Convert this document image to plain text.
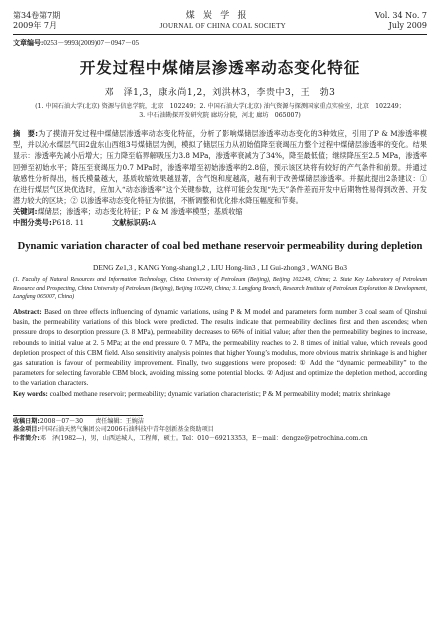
第34卷第7期	煤 炭 学 报	Vol. 34 No. 7
2009年 7月	JOURNAL OF CHINA COAL SOCIETY	July 2009
文章编号:0253－9993(2009)07－0947－05
开发过程中煤储层渗透率动态变化特征
邓　泽1,3，康永尚1,2，刘洪林3，李贵中3，王　勃3
(1. 中国石油大学(北京) 资源与信息学院，北京　102249；2. 中国石油大学(北京) 油气资源与探测国家重点实验室，北京　102249；
3. 中石油勘探开发研究院 廊坊分院，河北 廊坊　065007)
摘　要:为了摸清开发过程中煤储层渗透率动态变化特征，分析了影响煤储层渗透率动态变化的3种效应，引用了P & M渗透率模型，并以沁水煤层气田2盘东山西组3号煤储层为例，模拟了储层压力从初始值降至衰竭压力整个过程中煤储层渗透率的变化。结果显示：渗透率先减小后增大；压力降至临界解吸压力3.8 MPa，渗透率衰减为了34%，降至最低值；继续降压至2.5 MPa，渗透率回弹至初始水平；降压至衰竭压力0.7 MPa时，渗透率增至初始渗透率的2.8倍，预示该区块将有较好的产气条件和前景。并通过敏感性分析得出，杨氏模量越大，基质收缩效果越显著，含气饱和度越高，越有利于改善煤储层渗透率。并据此提出2条建议：① 在进行煤层气区块优选时，应加入“动态渗透率”这个关键参数，这样可能会发现“先天”条件差而开发中后期物性易得到改善、开发潜力较大的区块；② 以渗透率动态变化特征为依据，不断调整和优化排水降压幅度和节奏。
关键词:煤储层；渗透率；动态变化特征；P & M 渗透率模型；基质收缩
中图分类号:P618. 11	文献标识码:A
Dynamic variation character of coal bed methane reservoir permeability during depletion
DENG Ze1,3 , KANG Yong-shang1,2 , LIU Hong-lin3 , LI Gui-zhong3 , WANG Bo3
(1. Faculty of Natural Resources and Information Technology, China University of Petroleum (Beijing), Beijing 102249, China; 2. State Key Laboratory of Petroleum Resource and Prospecting, China University of Petroleum (Beijing), Beijing 102249, China; 3. Langfang Branch, Research Institute of Petroleum Exploration & Development, Langfang 065007, China)
Abstract: Based on three effects influencing of dynamic variations, using P & M model and parameters form number 3 coal seam of Qinshui basin, the permeability variations of this block were predicted. The results indicate that permeability declines first and then ascendes; when pressure drops to desorption pressure (3. 8 MPa), permeability decreases to 66% of initial value; after then the permeability begines to increase, rebounds to initial value at 2. 5 MPa; at the end pressure 0. 7 MPa, the permeability reaches to 2. 8 times of initial value, which reveals good depletion prospect of this CBM field. Also sensitivity analysis pointes that higher Young’s modulus, more obvious matrix shrinkage is and higher gas saturation is favour of permeability improvement. Finally, two suggestions were proposed: ① Add the “dynamic permeability” to the parameters for selecting favorable CBM block, avoiding missing some potential blocks. ② Adjust and optimize the depletion method, according to the variation characters.
Key words: coalbed methane reservoir; permeability; dynamic variation characteristic; P & M permeability model; matrix shrinkage
收稿日期:2008－07－30　　责任编辑：王婉洁
基金项目:中国石油天然气集团公司2006石油科技中青年创新基金资助项目
作者简介:邓　泽(1982—)，男，山西运城人，工程师，硕士。Tel：010－69213353，E－mail：dengze@petrochina.com.cn
